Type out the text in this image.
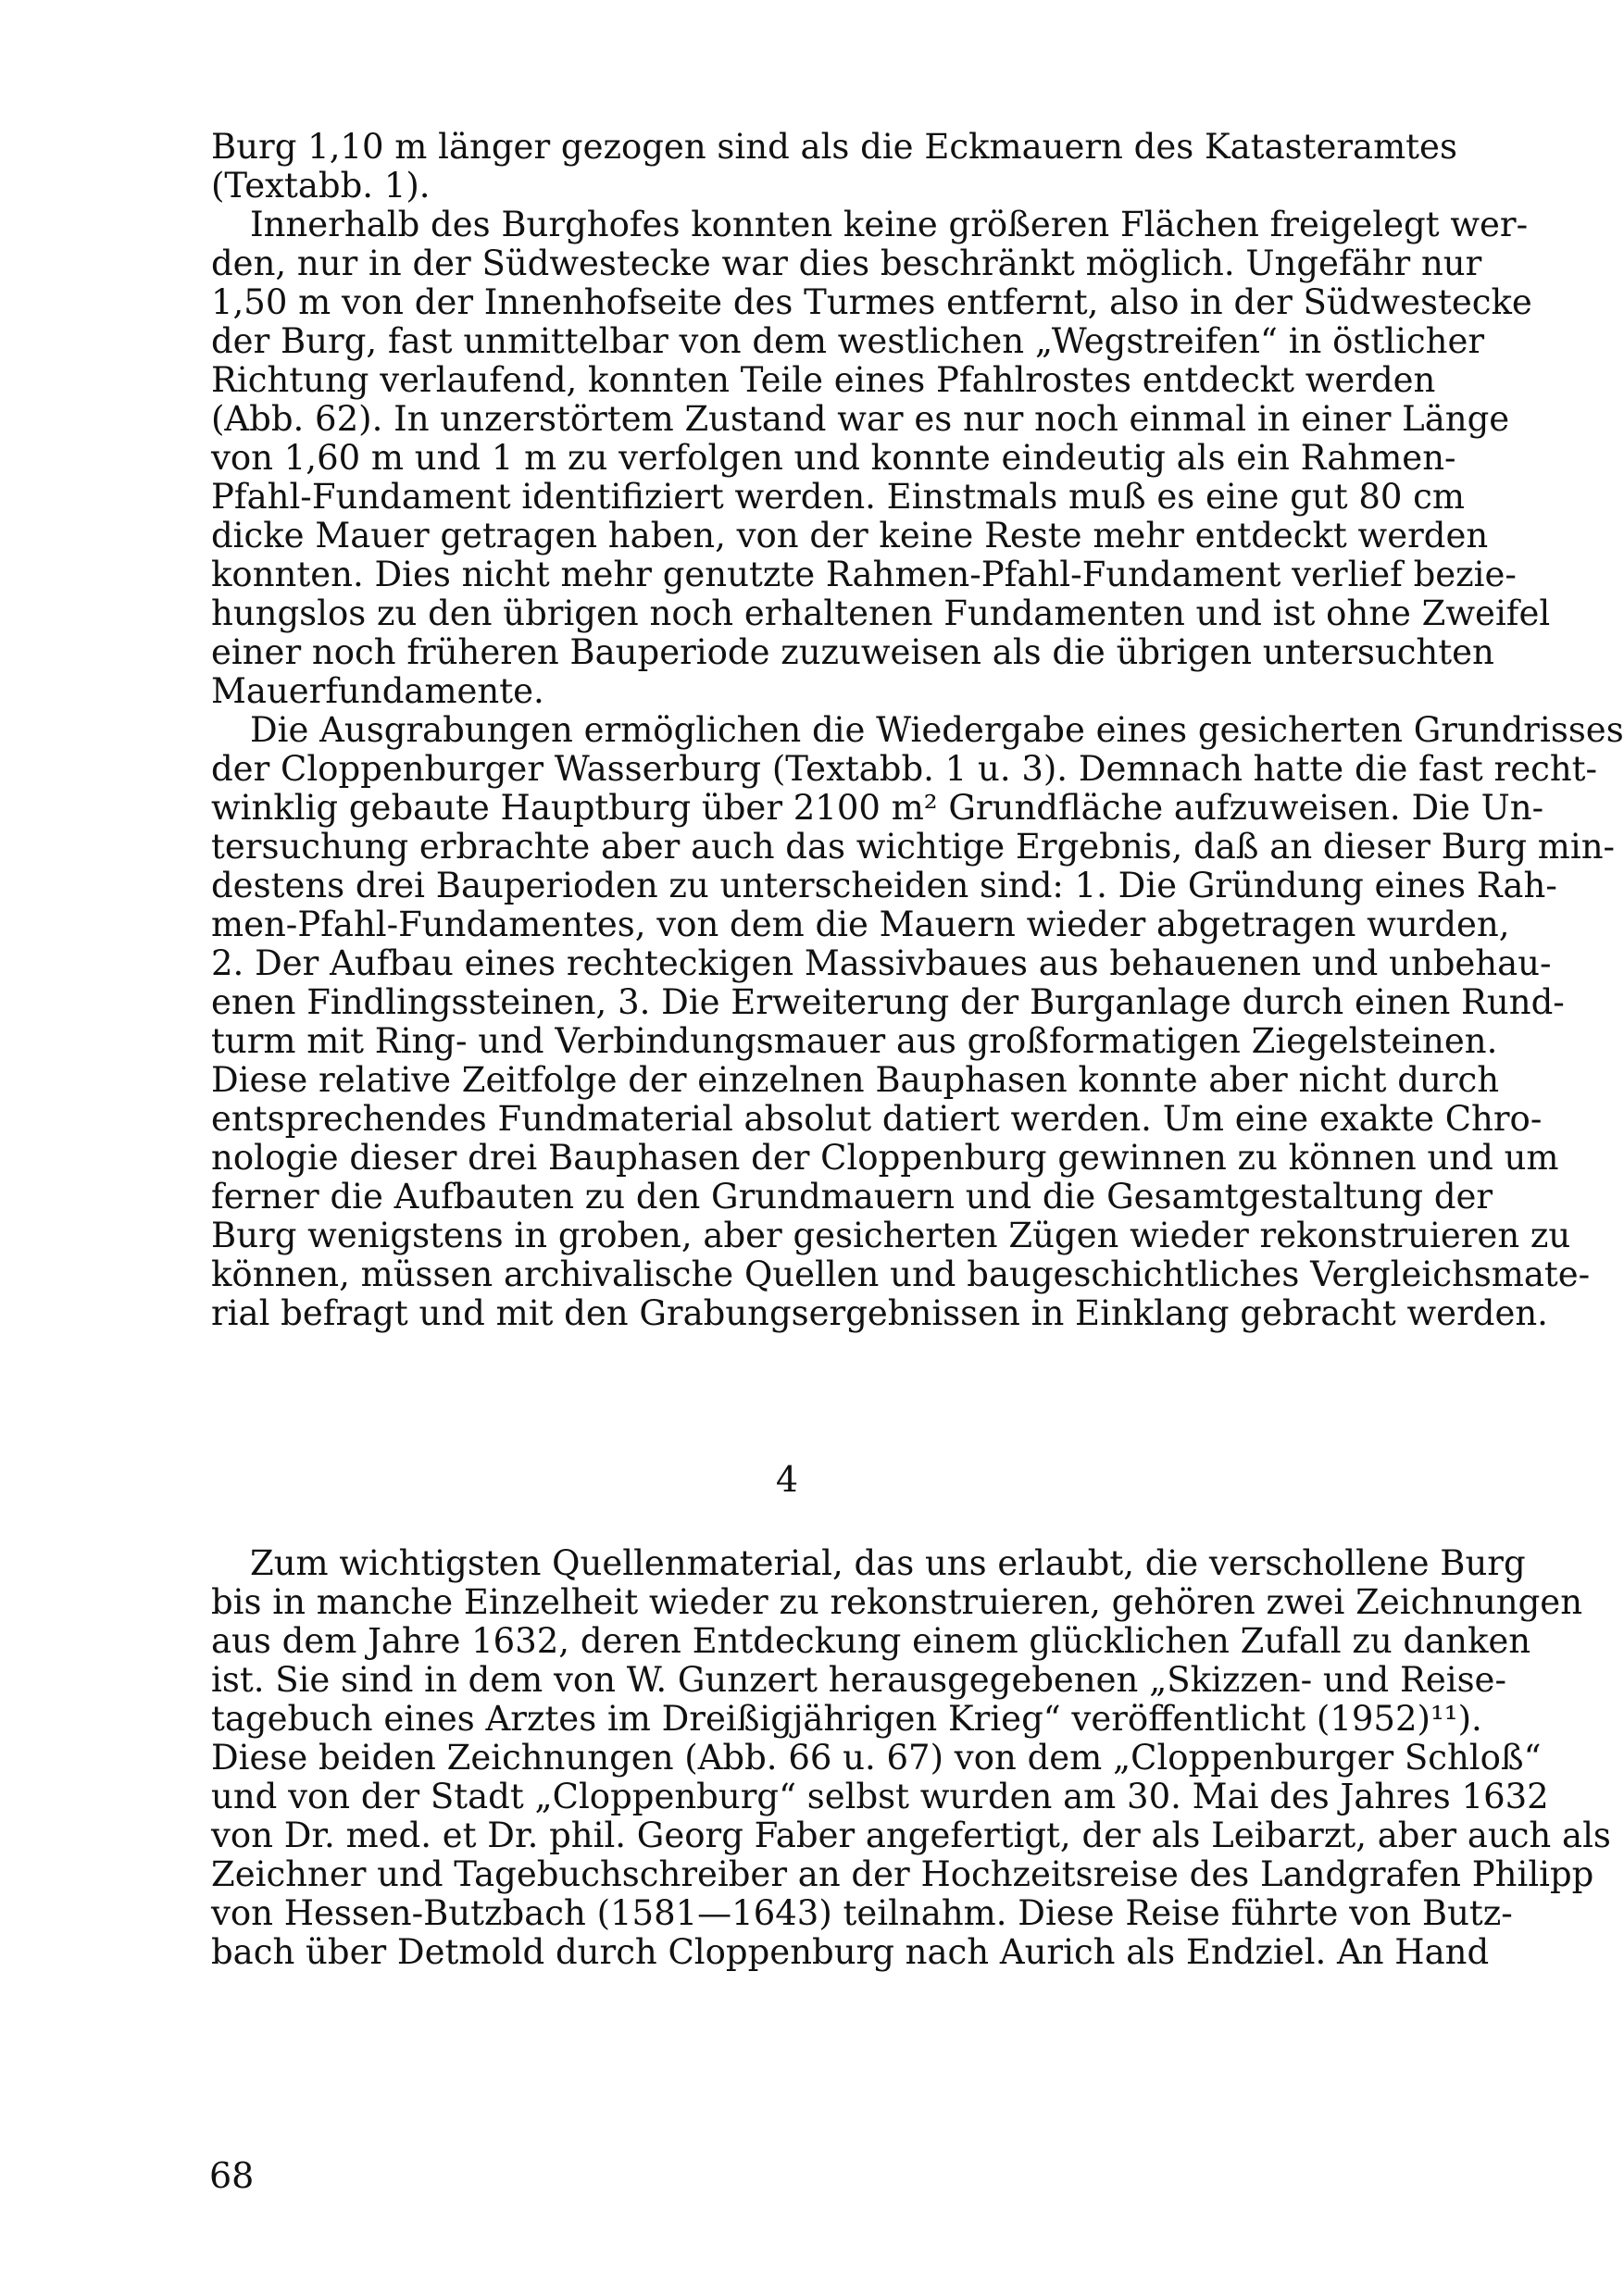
Burg 1,10 m länger gezogen sind als die Eckmauern des Katasteramtes
(Textabb. 1).
Innerhalb des Burghofes konnten keine größeren Flächen freigelegt wer-
den, nur in der Südwestecke war dies beschränkt möglich. Ungefähr nur
1,50 m von der Innenhofseite des Turmes entfernt, also in der Südwestecke
der Burg, fast unmittelbar von dem westlichen „Wegstreifen“ in östlicher
Richtung verlaufend, konnten Teile eines Pfahlrostes entdeckt werden
(Abb. 62). In unzerstörtem Zustand war es nur noch einmal in einer Länge
von 1,60 m und 1 m zu verfolgen und konnte eindeutig als ein Rahmen-
Pfahl-Fundament identifiziert werden. Einstmals muß es eine gut 80 cm
dicke Mauer getragen haben, von der keine Reste mehr entdeckt werden
konnten. Dies nicht mehr genutzte Rahmen-Pfahl-Fundament verlief bezie-
hungslos zu den übrigen noch erhaltenen Fundamenten und ist ohne Zweifel
einer noch früheren Bauperiode zuzuweisen als die übrigen untersuchten
Mauerfundamente.
Die Ausgrabungen ermöglichen die Wiedergabe eines gesicherten Grundrisses
der Cloppenburger Wasserburg (Textabb. 1 u. 3). Demnach hatte die fast recht-
winklig gebaute Hauptburg über 2100 m² Grundfläche aufzuweisen. Die Un-
tersuchung erbrachte aber auch das wichtige Ergebnis, daß an dieser Burg min-
destens drei Bauperioden zu unterscheiden sind: 1. Die Gründung eines Rah-
men-Pfahl-Fundamentes, von dem die Mauern wieder abgetragen wurden,
2. Der Aufbau eines rechteckigen Massivbaues aus behauenen und unbehau-
enen Findlingssteinen, 3. Die Erweiterung der Burganlage durch einen Rund-
turm mit Ring- und Verbindungsmauer aus großformatigen Ziegelsteinen.
Diese relative Zeitfolge der einzelnen Bauphasen konnte aber nicht durch
entsprechendes Fundmaterial absolut datiert werden. Um eine exakte Chro-
nologie dieser drei Bauphasen der Cloppenburg gewinnen zu können und um
ferner die Aufbauten zu den Grundmauern und die Gesamtgestaltung der
Burg wenigstens in groben, aber gesicherten Zügen wieder rekonstruieren zu
können, müssen archivalische Quellen und baugeschichtliches Vergleichsmate-
rial befragt und mit den Grabungsergebnissen in Einklang gebracht werden.
4
Zum wichtigsten Quellenmaterial, das uns erlaubt, die verschollene Burg
bis in manche Einzelheit wieder zu rekonstruieren, gehören zwei Zeichnungen
aus dem Jahre 1632, deren Entdeckung einem glücklichen Zufall zu danken
ist. Sie sind in dem von W. Gunzert herausgegebenen „Skizzen- und Reise-
tagebuch eines Arztes im Dreißigjährigen Krieg“ veröffentlicht (1952)¹¹).
Diese beiden Zeichnungen (Abb. 66 u. 67) von dem „Cloppenburger Schloß“
und von der Stadt „Cloppenburg“ selbst wurden am 30. Mai des Jahres 1632
von Dr. med. et Dr. phil. Georg Faber angefertigt, der als Leibarzt, aber auch als
Zeichner und Tagebuchschreiber an der Hochzeitsreise des Landgrafen Philipp
von Hessen-Butzbach (1581—1643) teilnahm. Diese Reise führte von Butz-
bach über Detmold durch Cloppenburg nach Aurich als Endziel. An Hand
68
